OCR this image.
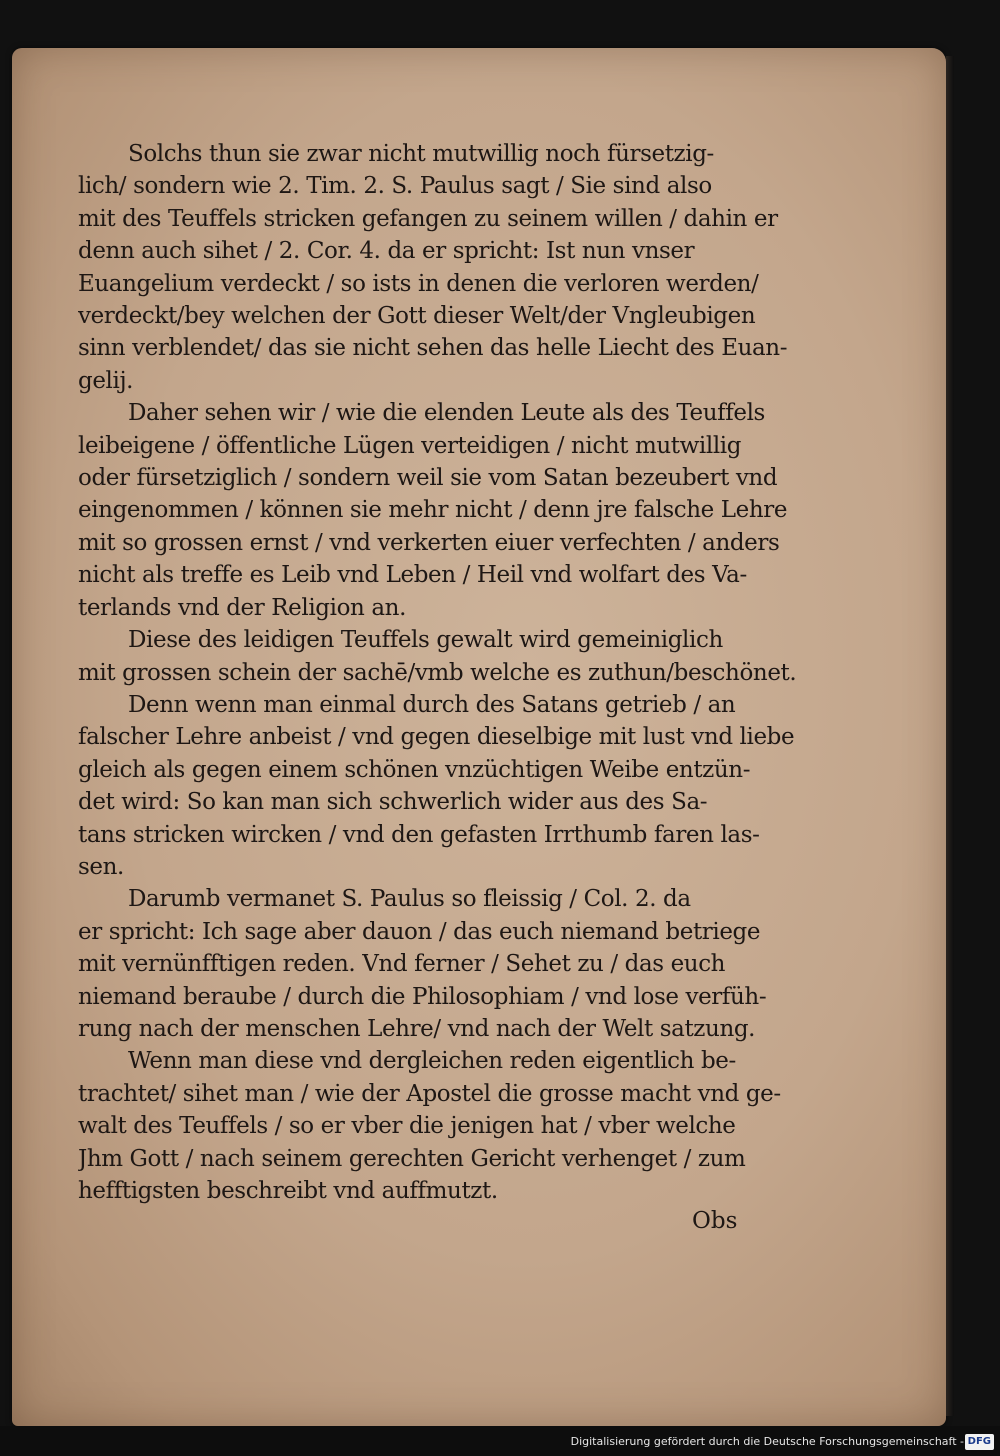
Solchs thun sie zwar nicht mutwillig noch fürsetzig-
lich/ sondern wie 2. Tim. 2. S. Paulus sagt / Sie sind also
mit des Teuffels stricken gefangen zu seinem willen / dahin er
denn auch sihet / 2. Cor. 4. da er spricht: Ist nun vnser
Euangelium verdeckt / so ists in denen die verloren werden/
verdeckt/bey welchen der Gott dieser Welt/der Vngleubigen
sinn verblendet/ das sie nicht sehen das helle Liecht des Euan-
gelij.

Daher sehen wir / wie die elenden Leute als des Teuffels
leibeigene / öffentliche Lügen verteidigen / nicht mutwillig
oder fürsetziglich / sondern weil sie vom Satan bezeubert vnd
eingenommen / können sie mehr nicht / denn jre falsche Lehre
mit so grossen ernst / vnd verkerten eiuer verfechten / anders
nicht als treffe es Leib vnd Leben / Heil vnd wolfart des Va-
terlands vnd der Religion an.

Diese des leidigen Teuffels gewalt wird gemeiniglich
mit grossen schein der sachē/vmb welche es zuthun/beschönet.

Denn wenn man einmal durch des Satans getrieb / an
falscher Lehre anbeist / vnd gegen dieselbige mit lust vnd liebe
gleich als gegen einem schönen vnzüchtigen Weibe entzün-
det wird: So kan man sich schwerlich wider aus des Sa-
tans stricken wircken / vnd den gefasten Irrthumb faren las-
sen.

Darumb vermanet S. Paulus so fleissig / Col. 2. da
er spricht: Ich sage aber dauon / das euch niemand betriege
mit vernünfftigen reden. Vnd ferner / Sehet zu / das euch
niemand beraube / durch die Philosophiam / vnd lose verfüh-
rung nach der menschen Lehre/ vnd nach der Welt satzung.

Wenn man diese vnd dergleichen reden eigentlich be-
trachtet/ sihet man / wie der Apostel die grosse macht vnd ge-
walt des Teuffels / so er vber die jenigen hat / vber welche
Jhm Gott / nach seinem gerechten Gericht verhenget / zum
hefftigsten beschreibt vnd auffmutzt.

Obs
Digitalisierung gefördert durch die Deutsche Forschungsgemeinschaft - DFG
